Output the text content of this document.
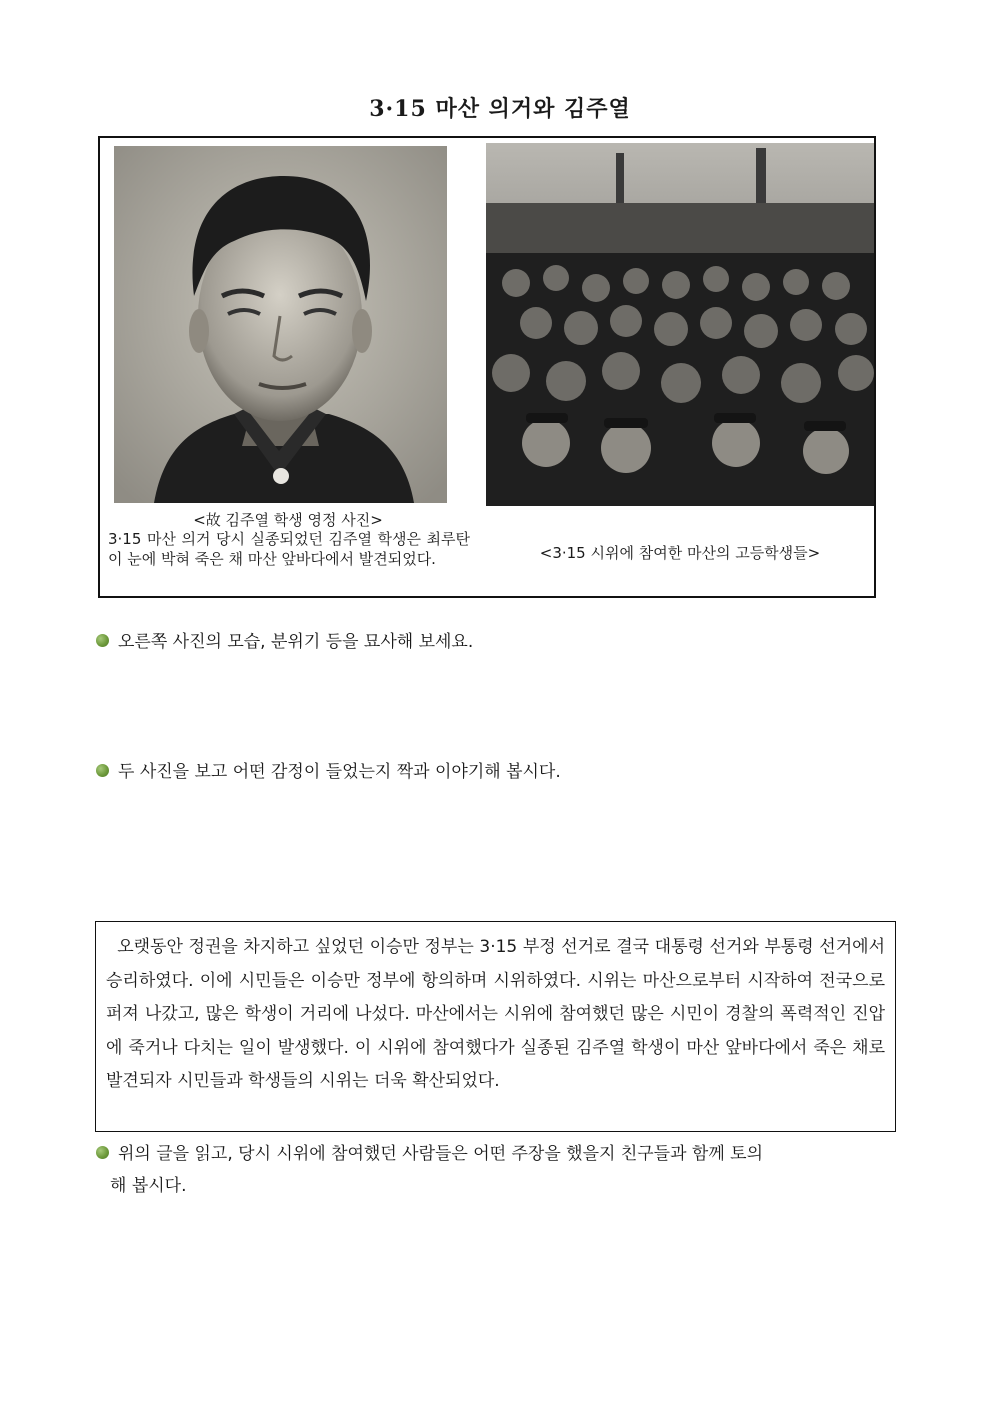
3·15 마산 의거와 김주열
<故 김주열 학생 영정 사진>
3·15 마산 의거 당시 실종되었던 김주열 학생은 최루탄이 눈에 박혀 죽은 채 마산 앞바다에서 발견되었다.	<3·15 시위에 참여한 마산의 고등학생들>
오른쪽 사진의 모습, 분위기 등을 묘사해 보세요.
두 사진을 보고 어떤 감정이 들었는지 짝과 이야기해 봅시다.
오랫동안 정권을 차지하고 싶었던 이승만 정부는 3·15 부정 선거로 결국 대통령 선거와 부통령 선거에서 승리하였다. 이에 시민들은 이승만 정부에 항의하며 시위하였다. 시위는 마산으로부터 시작하여 전국으로 퍼져 나갔고, 많은 학생이 거리에 나섰다. 마산에서는 시위에 참여했던 많은 시민이 경찰의 폭력적인 진압에 죽거나 다치는 일이 발생했다. 이 시위에 참여했다가 실종된 김주열 학생이 마산 앞바다에서 죽은 채로 발견되자 시민들과 학생들의 시위는 더욱 확산되었다.
위의 글을 읽고, 당시 시위에 참여했던 사람들은 어떤 주장을 했을지 친구들과 함께 토의
해 봅시다.
